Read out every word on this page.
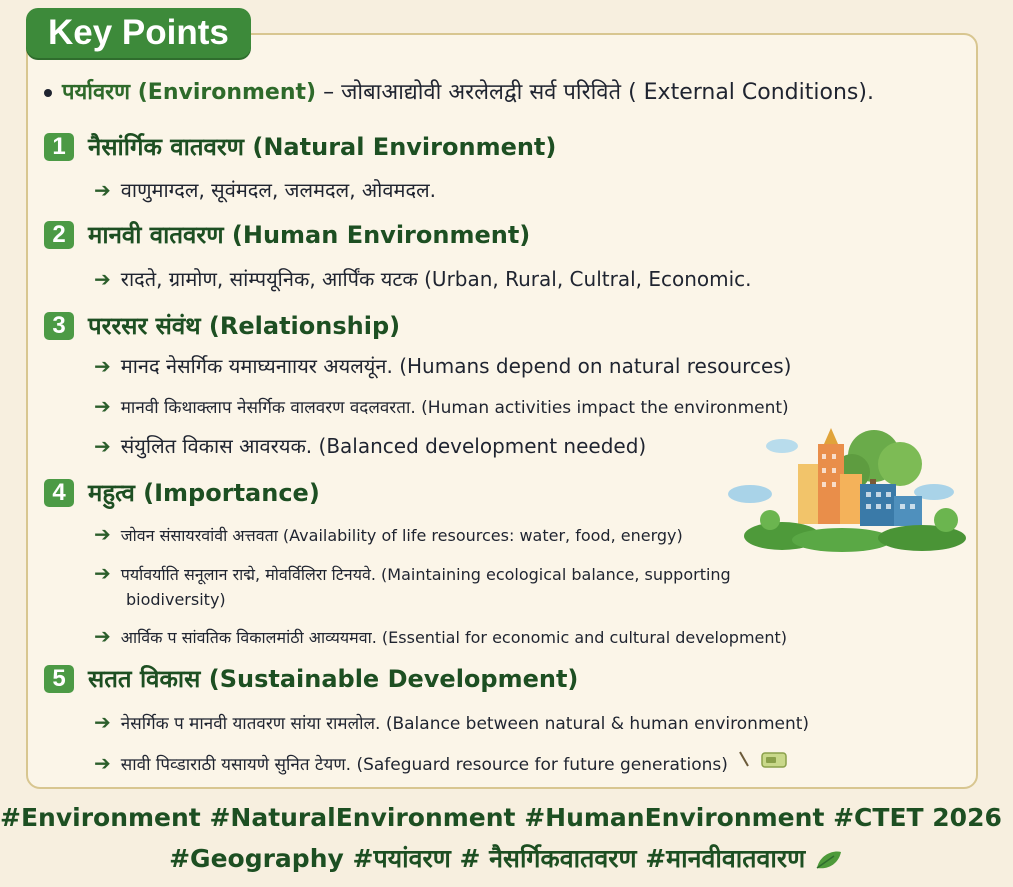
Key Points
पर्यावरण (Environment) – जोबाआद्योवी अरलेलद्वी सर्व परिविते ( External Conditions).
1 नैसांर्गिक वातवरण (Natural Environment)
➔ वाणुमाग्दल, सूवंमदल, जलमदल, ओवमदल.
2 मानवी वातवरण (Human Environment)
➔ रादते, ग्रामोण, सांम्पयूनिक, आर्पिंक यटक (Urban, Rural, Cultral, Economic.
3 पररसर संवंथ (Relationship)
➔ मानद नेसर्गिक यमाघ्यनाायर अयलयूंन. (Humans depend on natural resources)
➔ मानवी किथाक्लाप नेसर्गिक वालवरण वदलवरता. (Human activities impact the environment)
➔ संयुलित विकास आवरयक. (Balanced development needed)
4 महुत्व (Importance)
➔ जोवन संसायरवांवी अत्तवता (Availability of life resources: water, food, energy)
➔ पर्यावर्याति सनूलान राद्मे, मोवर्विलिरा टिनयवे. (Maintaining ecological balance, supporting
biodiversity)
➔ आर्विक प सांवतिक विकालमांठी आव्ययमवा. (Essential for economic and cultural development)
5 सतत विकास (Sustainable Development)
➔ नेसर्गिक प मानवी यातवरण सांया रामलोल. (Balance between natural & human environment)
➔ सावी पिव्डाराठी यसायणे सुनित टेयण. (Safeguard resource for future generations)
#Environment #NaturalEnvironment #HumanEnvironment #CTET 2026
#Geography #पयांवरण # नैसर्गिकवातवरण #मानवीवातवारण
